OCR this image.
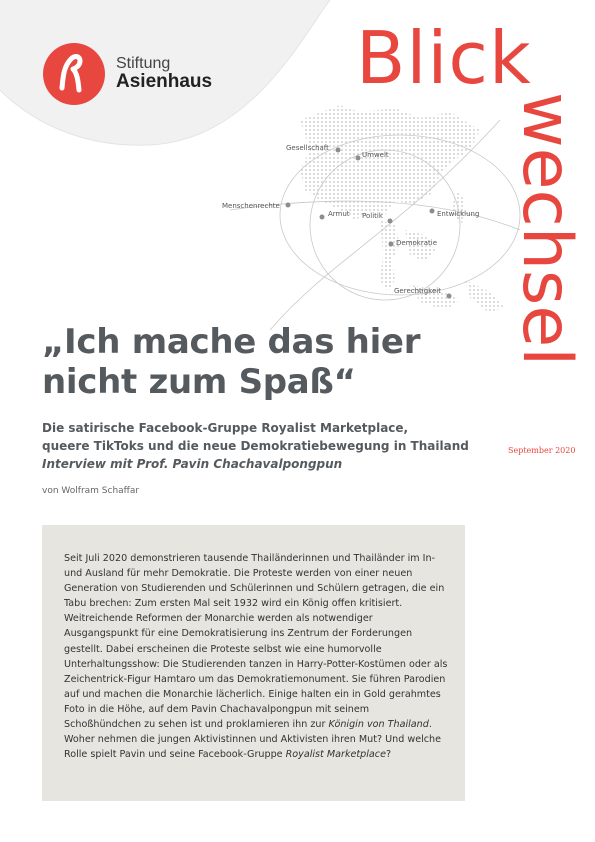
Gesellschaft
Umwelt
Menschenrechte
Armut Politik	Entwicklung
Demokratie
Gerechtigkeit
Stiftung
Asienhaus Blick
wechsel
September 2020
„Ich mache das hier
nicht zum Spaß“
Die satirische Facebook-Gruppe Royalist Marketplace,
queere TikToks und die neue Demokratiebewegung in Thailand
Interview mit Prof. Pavin Chachavalpongpun
von Wolfram Schaffar

Seit Juli 2020 demonstrieren tausende Thailänderinnen und Thailänder im In- und Ausland für mehr Demokratie. Die Proteste werden von einer neuen Generation von Studierenden und Schülerinnen und Schülern getragen, die ein Tabu brechen: Zum ersten Mal seit 1932 wird ein König offen kritisiert. Weitreichende Reformen der Monarchie werden als notwendiger Ausgangspunkt für eine Demokratisierung ins Zentrum der Forderungen gestellt. Dabei erscheinen die Proteste selbst wie eine humorvolle Unterhaltungsshow: Die Studierenden tanzen in Harry-Potter-Kostümen oder als Zeichentrick-Figur Hamtaro um das Demokratiemonument. Sie führen Parodien auf und machen die Monarchie lächerlich. Einige halten ein in Gold gerahmtes Foto in die Höhe, auf dem Pavin Chachavalpongpun mit seinem Schoßhündchen zu sehen ist und proklamieren ihn zur Königin von Thailand. Woher nehmen die jungen Aktivistinnen und Aktivisten ihren Mut? Und welche Rolle spielt Pavin und seine Facebook-Gruppe Royalist Marketplace?
